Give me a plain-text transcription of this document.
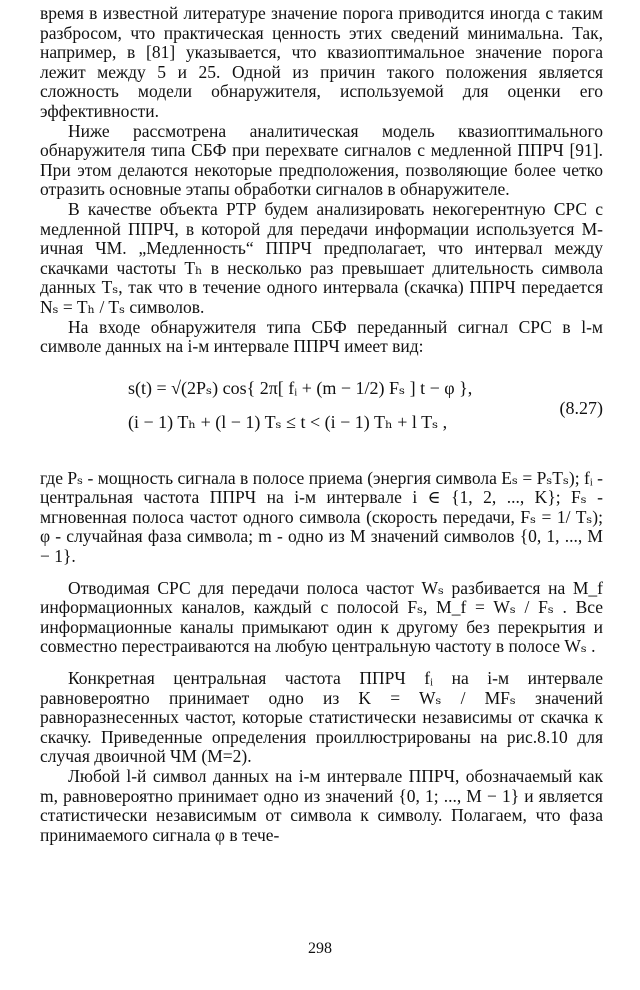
время в известной литературе значение порога приводится иногда с таким разбросом, что практическая ценность этих сведений минимальна. Так, например, в [81] указывается, что квазиоптимальное значение порога лежит между 5 и 25. Одной из причин такого положения является сложность модели обнаружителя, используемой для оценки его эффективности.

Ниже рассмотрена аналитическая модель квазиоптимального обнаружителя типа СБФ при перехвате сигналов с медленной ППРЧ [91]. При этом делаются некоторые предположения, позволяющие более четко отразить основные этапы обработки сигналов в обнаружителе.

В качестве объекта РТР будем анализировать некогерентную СРС с медленной ППРЧ, в которой для передачи информации используется M-ичная ЧМ. „Медленность“ ППРЧ предполагает, что интервал между скачками частоты Tₕ в несколько раз превышает длительность символа данных Tₛ, так что в течение одного интервала (скачка) ППРЧ передается Nₛ = Tₕ / Tₛ символов.

На входе обнаружителя типа СБФ переданный сигнал СРС в l-м символе данных на i-м интервале ППРЧ имеет вид:

s(t) = √(2Pₛ) cos{ 2π[ fᵢ + (m − 1/2) Fₛ ] t − φ },
(i − 1) Tₕ + (l − 1) Tₛ ≤ t < (i − 1) Tₕ + l Tₛ ,
(8.27)

где Pₛ - мощность сигнала в полосе приема (энергия символа Eₛ = PₛTₛ); fᵢ - центральная частота ППРЧ на i-м интервале i ∈ {1, 2, ..., K}; Fₛ - мгновенная полоса частот одного символа (скорость передачи, Fₛ = 1/ Tₛ); φ - случайная фаза символа; m - одно из M значений символов {0, 1, ..., M − 1}.

Отводимая СРС для передачи полоса частот Wₛ разбивается на M_f информационных каналов, каждый с полосой Fₛ, M_f = Wₛ / Fₛ . Все информационные каналы примыкают один к другому без перекрытия и совместно перестраиваются на любую центральную частоту в полосе Wₛ .

Конкретная центральная частота ППРЧ fᵢ на i-м интервале равновероятно принимает одно из K = Wₛ / MFₛ значений равноразнесенных частот, которые статистически независимы от скачка к скачку. Приведенные определения проиллюстрированы на рис.8.10 для случая двоичной ЧМ (M=2).

Любой l-й символ данных на i-м интервале ППРЧ, обозначаемый как m, равновероятно принимает одно из значений {0, 1; ..., M − 1} и является статистически независимым от символа к символу. Полагаем, что фаза принимаемого сигнала φ в тече-

298
